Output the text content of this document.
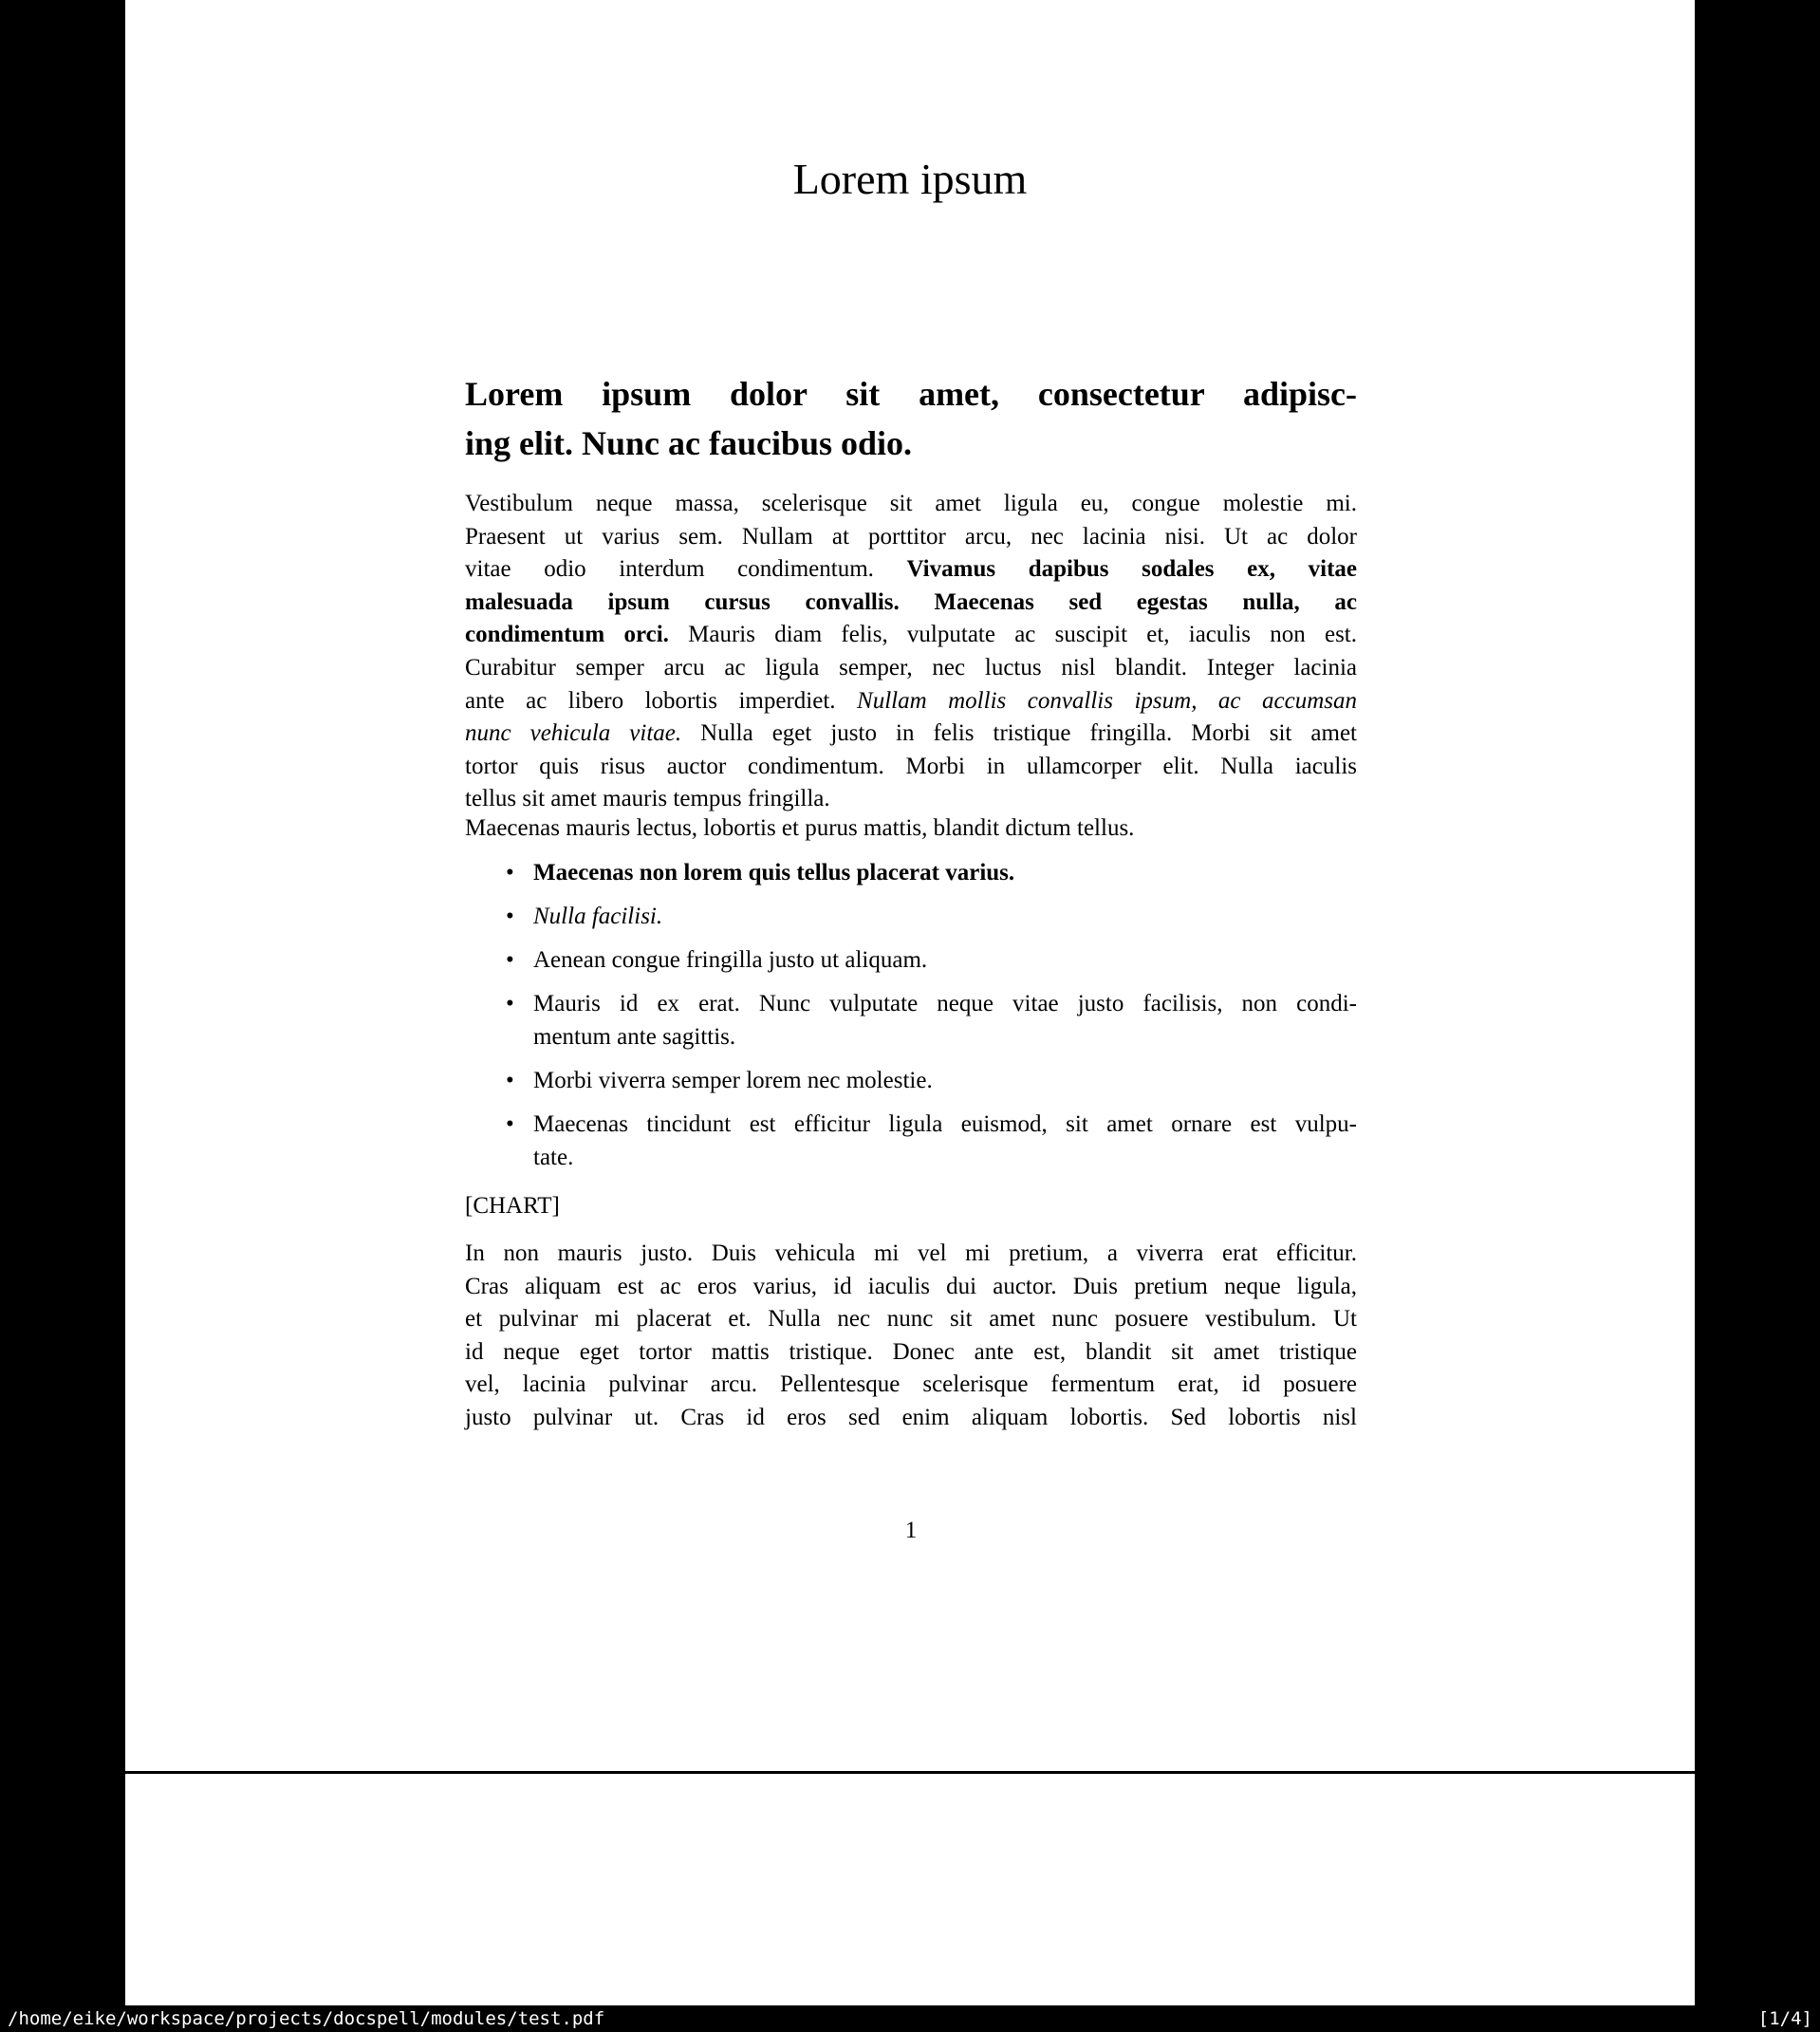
Lorem ipsum
Lorem ipsum dolor sit amet, consectetur adipisc-
ing elit. Nunc ac faucibus odio.
Vestibulum neque massa, scelerisque sit amet ligula eu, congue molestie mi.
Praesent ut varius sem. Nullam at porttitor arcu, nec lacinia nisi. Ut ac dolor
vitae odio interdum condimentum. Vivamus dapibus sodales ex, vitae
malesuada ipsum cursus convallis. Maecenas sed egestas nulla, ac
condimentum orci. Mauris diam felis, vulputate ac suscipit et, iaculis non est.
Curabitur semper arcu ac ligula semper, nec luctus nisl blandit. Integer lacinia
ante ac libero lobortis imperdiet. Nullam mollis convallis ipsum, ac accumsan
nunc vehicula vitae. Nulla eget justo in felis tristique fringilla. Morbi sit amet
tortor quis risus auctor condimentum. Morbi in ullamcorper elit. Nulla iaculis
tellus sit amet mauris tempus fringilla.
Maecenas mauris lectus, lobortis et purus mattis, blandit dictum tellus.
• Maecenas non lorem quis tellus placerat varius.
• Nulla facilisi.
• Aenean congue fringilla justo ut aliquam.
• Mauris id ex erat. Nunc vulputate neque vitae justo facilisis, non condi-
mentum ante sagittis.
• Morbi viverra semper lorem nec molestie.
• Maecenas tincidunt est efficitur ligula euismod, sit amet ornare est vulpu-
tate.
[CHART]
In non mauris justo. Duis vehicula mi vel mi pretium, a viverra erat efficitur.
Cras aliquam est ac eros varius, id iaculis dui auctor. Duis pretium neque ligula,
et pulvinar mi placerat et. Nulla nec nunc sit amet nunc posuere vestibulum. Ut
id neque eget tortor mattis tristique. Donec ante est, blandit sit amet tristique
vel, lacinia pulvinar arcu. Pellentesque scelerisque fermentum erat, id posuere
justo pulvinar ut. Cras id eros sed enim aliquam lobortis. Sed lobortis nisl
1
/home/eike/workspace/projects/docspell/modules/test.pdf	[1/4]
